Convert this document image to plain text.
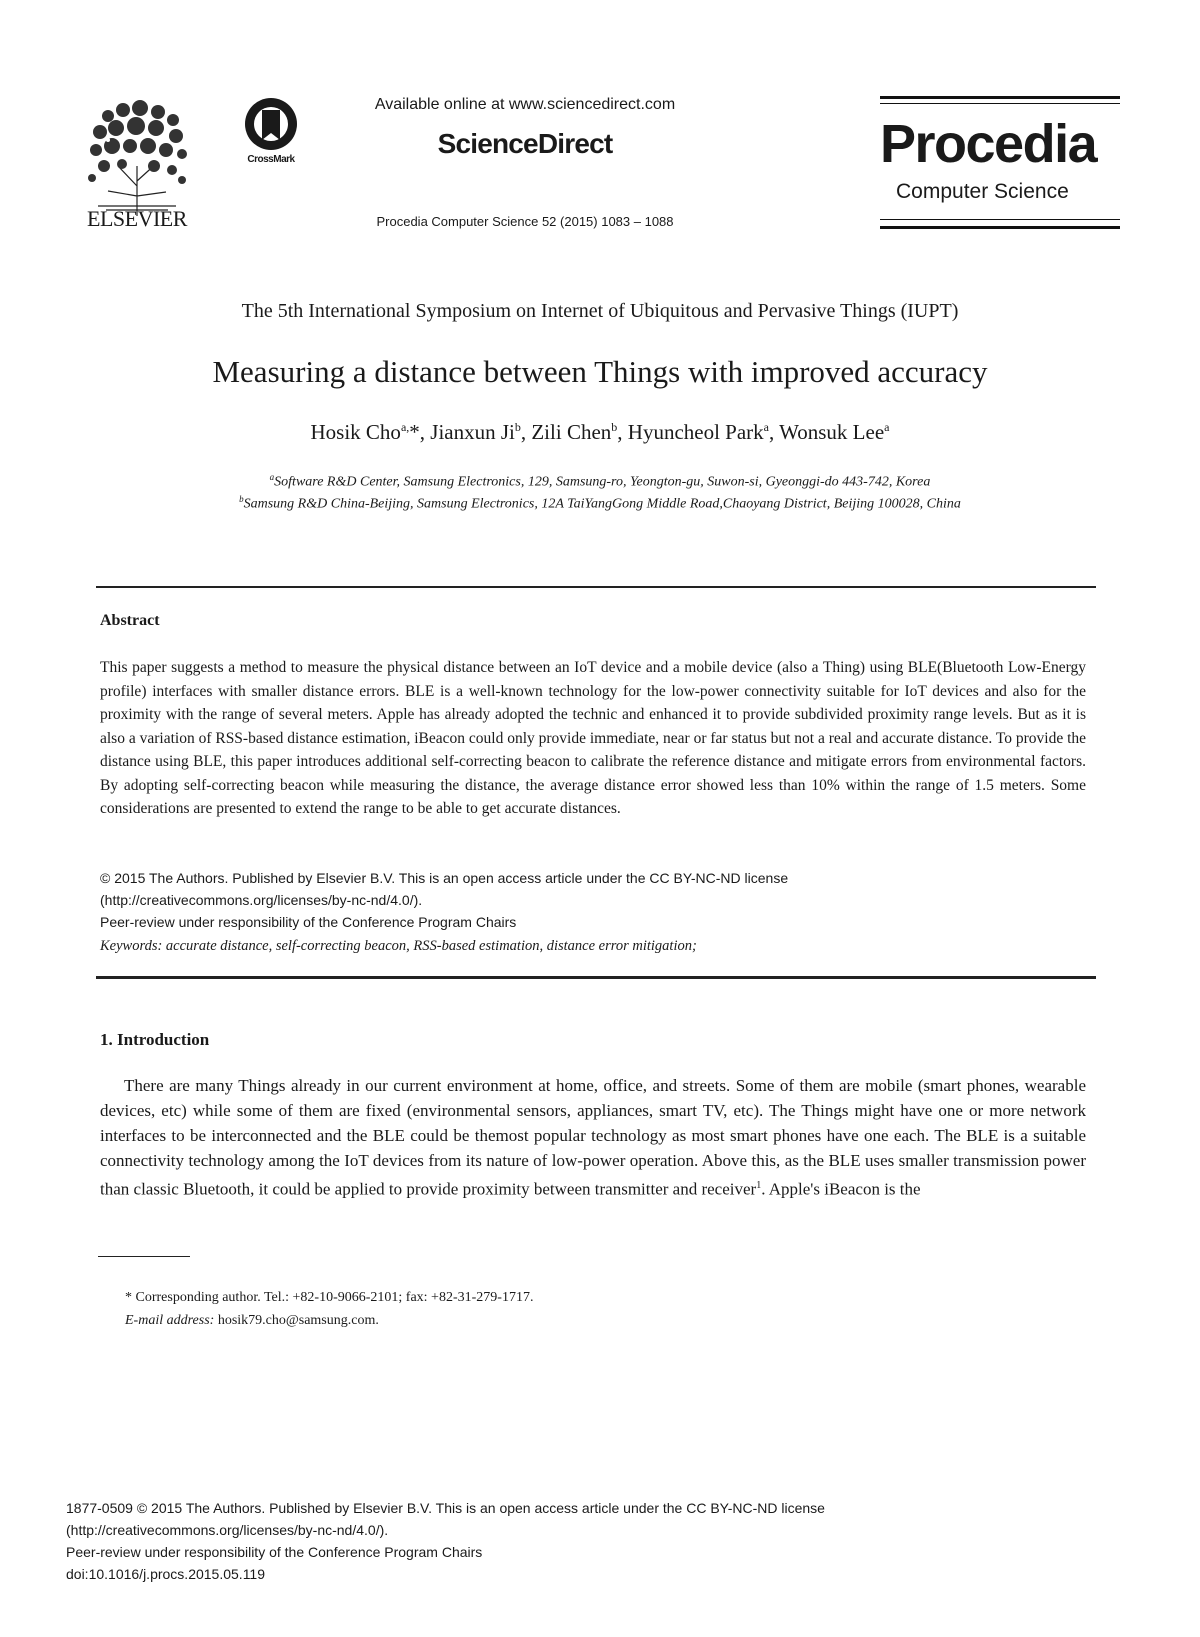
ELSEVIER
CrossMark
Available online at www.sciencedirect.com
ScienceDirect
Procedia Computer Science 52 (2015) 1083 – 1088
Procedia
Computer Science
The 5th International Symposium on Internet of Ubiquitous and Pervasive Things (IUPT)
Measuring a distance between Things with improved accuracy
Hosik Cho$^{a,}$*, Jianxun Ji$^b$, Zili Chen$^b$, Hyuncheol Park$^a$, Wonsuk Lee$^a$
$^a$Software R&D Center, Samsung Electronics, 129, Samsung-ro, Yeongton-gu, Suwon-si, Gyeonggi-do 443-742, Korea
$^b$Samsung R&D China-Beijing, Samsung Electronics, 12A TaiYangGong Middle Road,Chaoyang District, Beijing 100028, China
Abstract
This paper suggests a method to measure the physical distance between an IoT device and a mobile device (also a Thing) using BLE(Bluetooth Low-Energy profile) interfaces with smaller distance errors. BLE is a well-known technology for the low-power connectivity suitable for IoT devices and also for the proximity with the range of several meters. Apple has already adopted the technic and enhanced it to provide subdivided proximity range levels. But as it is also a variation of RSS-based distance estimation, iBeacon could only provide immediate, near or far status but not a real and accurate distance. To provide the distance using BLE, this paper introduces additional self-correcting beacon to calibrate the reference distance and mitigate errors from environmental factors. By adopting self-correcting beacon while measuring the distance, the average distance error showed less than 10% within the range of 1.5 meters. Some considerations are presented to extend the range to be able to get accurate distances.
© 2015 The Authors. Published by Elsevier B.V. This is an open access article under the CC BY-NC-ND license
(http://creativecommons.org/licenses/by-nc-nd/4.0/).
Peer-review under responsibility of the Conference Program Chairs
Keywords: accurate distance, self-correcting beacon, RSS-based estimation, distance error mitigation;
1. Introduction
There are many Things already in our current environment at home, office, and streets. Some of them are mobile (smart phones, wearable devices, etc) while some of them are fixed (environmental sensors, appliances, smart TV, etc). The Things might have one or more network interfaces to be interconnected and the BLE could be themost popular technology as most smart phones have one each. The BLE is a suitable connectivity technology among the IoT devices from its nature of low-power operation. Above this, as the BLE uses smaller transmission power than classic Bluetooth, it could be applied to provide proximity between transmitter and receiver$^1$. Apple's iBeacon is the
* Corresponding author. Tel.: +82-10-9066-2101; fax: +82-31-279-1717.
E-mail address: hosik79.cho@samsung.com.
1877-0509 © 2015 The Authors. Published by Elsevier B.V. This is an open access article under the CC BY-NC-ND license
(http://creativecommons.org/licenses/by-nc-nd/4.0/).
Peer-review under responsibility of the Conference Program Chairs
doi:10.1016/j.procs.2015.05.119
